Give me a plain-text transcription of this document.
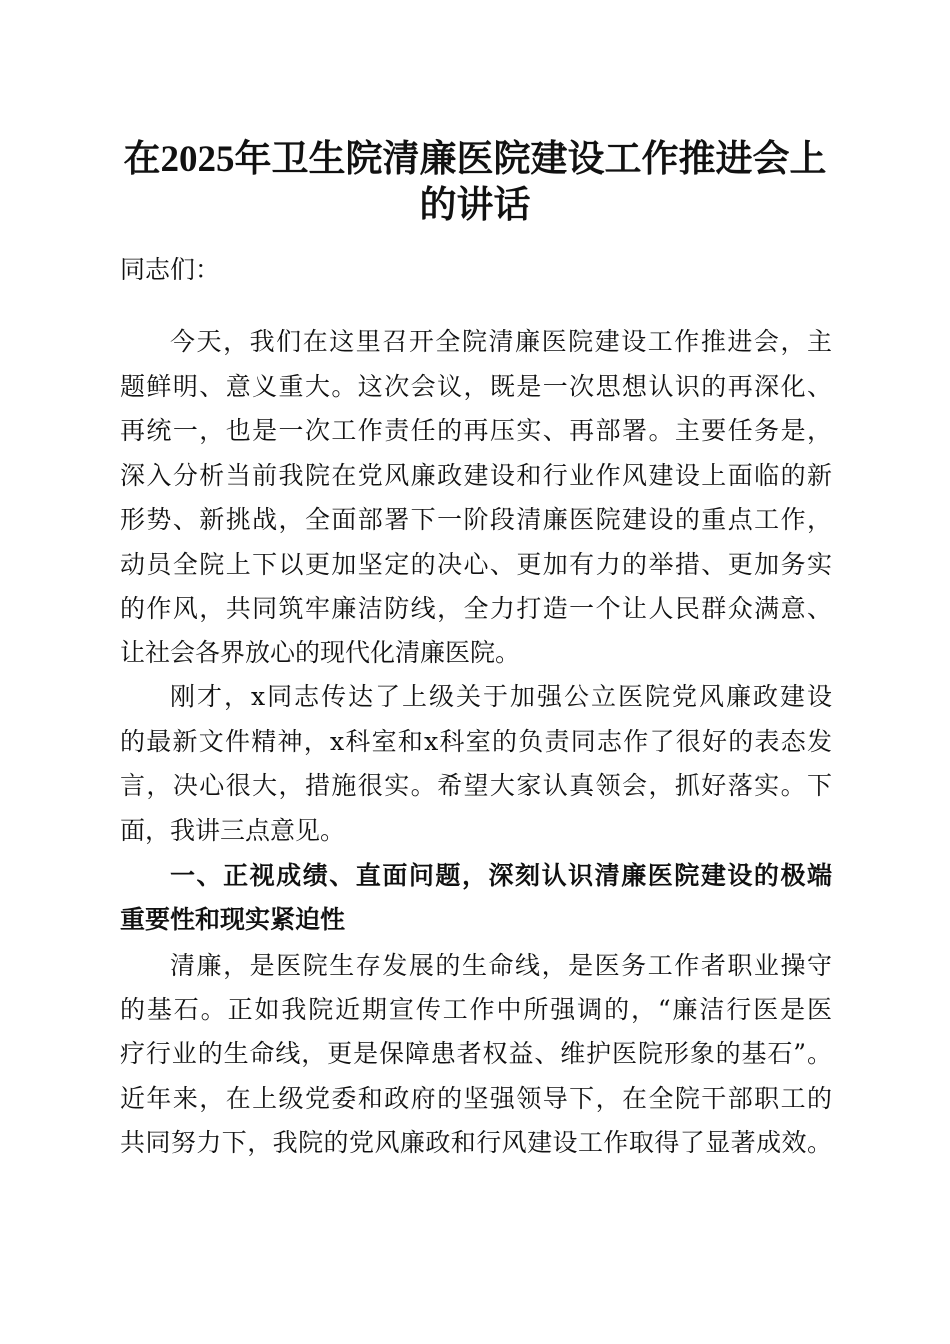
在2025年卫生院清廉医院建设工作推进会上
的讲话
同志们：
今天，我们在这里召开全院清廉医院建设工作推进会，主
题鲜明、意义重大。这次会议，既是一次思想认识的再深化、
再统一，也是一次工作责任的再压实、再部署。主要任务是，
深入分析当前我院在党风廉政建设和行业作风建设上面临的新
形势、新挑战，全面部署下一阶段清廉医院建设的重点工作，
动员全院上下以更加坚定的决心、更加有力的举措、更加务实
的作风，共同筑牢廉洁防线，全力打造一个让人民群众满意、
让社会各界放心的现代化清廉医院。
刚才，x同志传达了上级关于加强公立医院党风廉政建设
的最新文件精神，x科室和x科室的负责同志作了很好的表态发
言，决心很大，措施很实。希望大家认真领会，抓好落实。下
面，我讲三点意见。
一、正视成绩、直面问题，深刻认识清廉医院建设的极端
重要性和现实紧迫性
清廉，是医院生存发展的生命线，是医务工作者职业操守
的基石。正如我院近期宣传工作中所强调的，“廉洁行医是医
疗行业的生命线，更是保障患者权益、维护医院形象的基石”。
近年来，在上级党委和政府的坚强领导下，在全院干部职工的
共同努力下，我院的党风廉政和行风建设工作取得了显著成效。
